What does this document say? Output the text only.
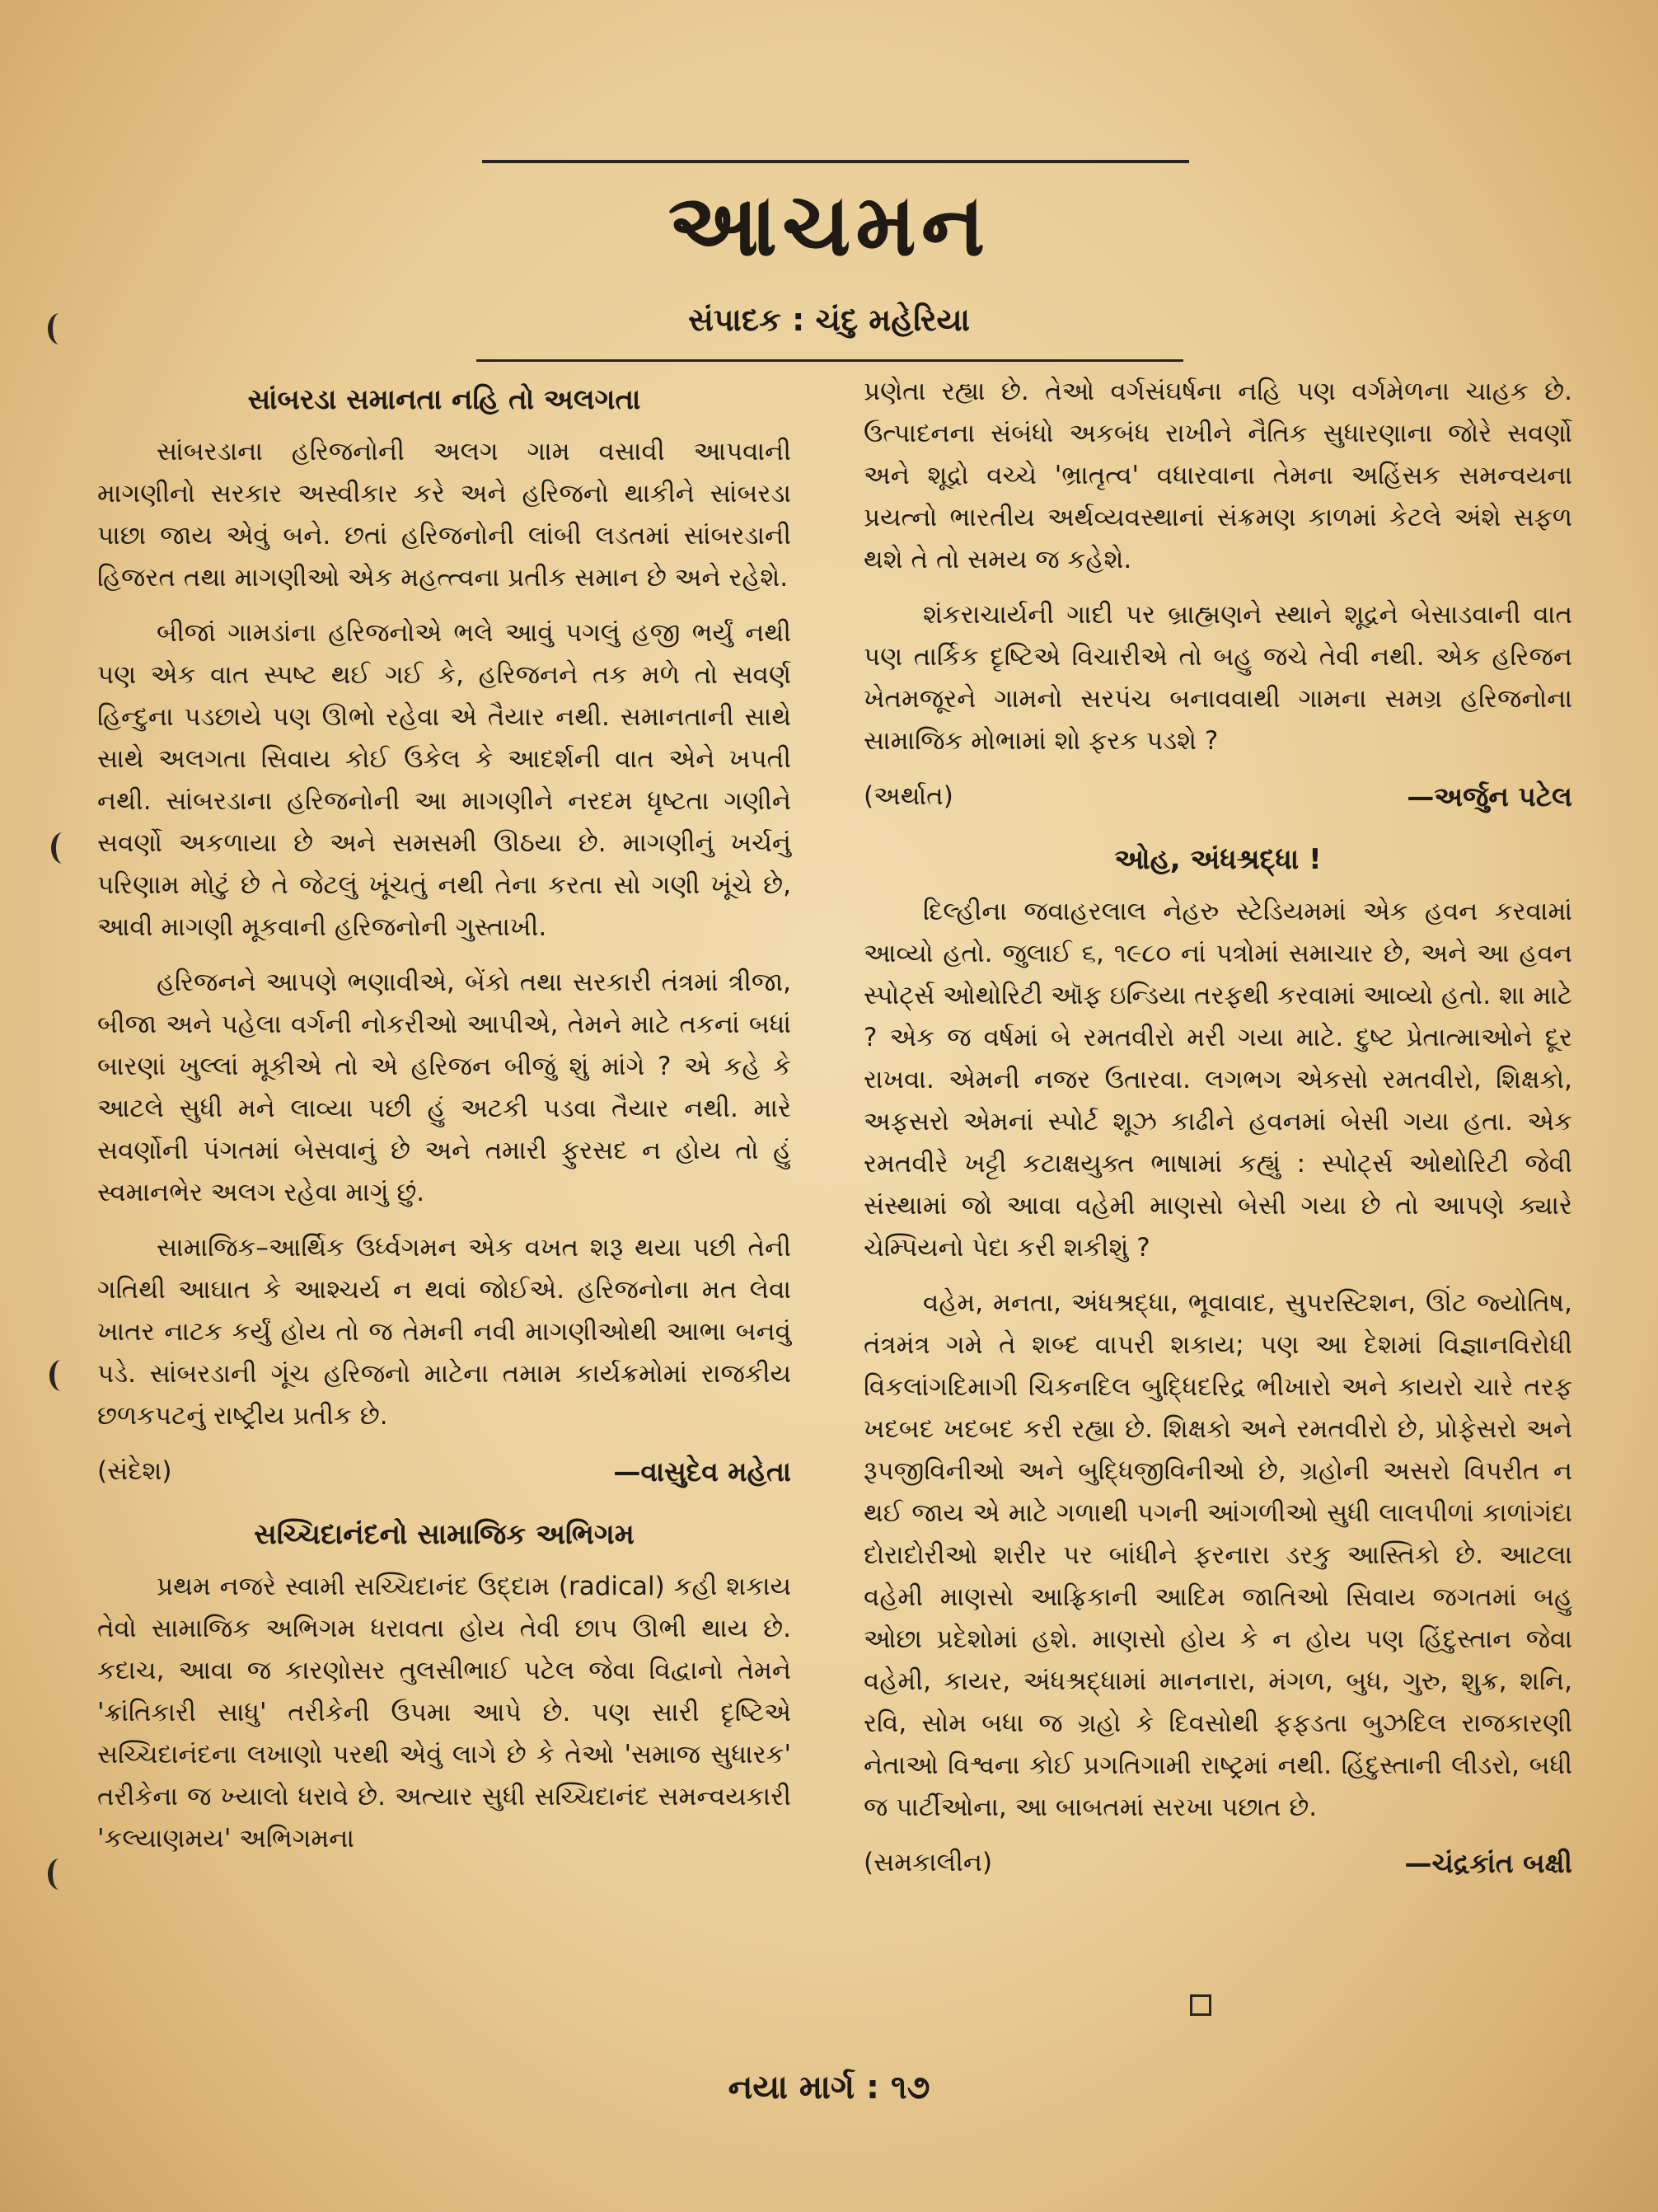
આચમન
સંપાદક : ચંદુ મહેરિયા
સાંબરડા સમાનતા નહિ તો અલગતા

સાંબરડાના હરિજનોની અલગ ગામ વસાવી આપવાની માગણીનો સરકાર અસ્વીકાર કરે અને હરિજનો થાકીને સાંબરડા પાછા જાય એવું બને. છતાં હરિજનોની લાંબી લડતમાં સાંબરડાની હિજરત તથા માગણીઓ એક મહત્ત્વના પ્રતીક સમાન છે અને રહેશે.

બીજાં ગામડાંના હરિજનોએ ભલે આવું પગલું હજી ભર્યું નથી પણ એક વાત સ્પષ્ટ થઈ ગઈ કે, હરિજનને તક મળે તો સવર્ણ હિન્દુના પડછાયે પણ ઊભો રહેવા એ તૈયાર નથી. સમાનતાની સાથે સાથે અલગતા સિવાય કોઈ ઉકેલ કે આદર્શની વાત એને ખપતી નથી. સાંબરડાના હરિજનોની આ માગણીને નરદમ ધૃષ્ટતા ગણીને સવર્ણો અકળાયા છે અને સમસમી ઊઠયા છે. માગણીનું ખર્ચનું પરિણામ મોટું છે તે જેટલું ખૂંચતું નથી તેના કરતા સો ગણી ખૂંચે છે, આવી માગણી મૂકવાની હરિજનોની ગુસ્તાખી.

હરિજનને આપણે ભણાવીએ, બેંકો તથા સરકારી તંત્રમાં ત્રીજા, બીજા અને પહેલા વર્ગની નોકરીઓ આપીએ, તેમને માટે તકનાં બધાં બારણાં ખુલ્લાં મૂકીએ તો એ હરિજન બીજું શું માંગે ? એ કહે કે આટલે સુધી મને લાવ્યા પછી હું અટકી પડવા તૈયાર નથી. મારે સવર્ણોની પંગતમાં બેસવાનું છે અને તમારી ફુરસદ ન હોય તો હું સ્વમાનભેર અલગ રહેવા માગું છું.

સામાજિક–આર્થિક ઉર્ધ્વગમન એક વખત શરૂ થયા પછી તેની ગતિથી આઘાત કે આશ્ચર્ય ન થવાં જોઈએ. હરિજનોના મત લેવા ખાતર નાટક કર્યું હોય તો જ તેમની નવી માગણીઓથી આભા બનવું પડે. સાંબરડાની ગૂંચ હરિજનો માટેના તમામ કાર્યક્રમોમાં રાજકીય છળકપટનું રાષ્ટ્રીય પ્રતીક છે.

(સંદેશ)	—વાસુદેવ મહેતા
સચ્ચિદાનંદનો સામાજિક અભિગમ

પ્રથમ નજરે સ્વામી સચ્ચિદાનંદ ઉદ્દામ (radical) કહી શકાય તેવો સામાજિક અભિગમ ધરાવતા હોય તેવી છાપ ઊભી થાય છે. કદાચ, આવા જ કારણોસર તુલસીભાઈ પટેલ જેવા વિદ્વાનો તેમને 'ક્રાંતિકારી સાધુ' તરીકેની ઉપમા આપે છે. પણ સારી દૃષ્ટિએ સચ્ચિદાનંદના લખાણો પરથી એવું લાગે છે કે તેઓ 'સમાજ સુધારક' તરીકેના જ ખ્યાલો ધરાવે છે. અત્યાર સુધી સચ્ચિદાનંદ સમન્વયકારી 'કલ્યાણમય' અભિગમના

પ્રણેતા રહ્યા છે. તેઓ વર્ગસંઘર્ષના નહિ પણ વર્ગમેળના ચાહક છે. ઉત્પાદનના સંબંધો અકબંધ રાખીને નૈતિક સુધારણાના જોરે સવર્ણો અને શૂદ્રો વચ્ચે 'ભ્રાતૃત્વ' વધારવાના તેમના અહિંસક સમન્વયના પ્રયત્નો ભારતીય અર્થવ્યવસ્થાનાં સંક્રમણ કાળમાં કેટલે અંશે સફળ થશે તે તો સમય જ કહેશે.

શંકરાચાર્યની ગાદી પર બ્રાહ્મણને સ્થાને શૂદ્રને બેસાડવાની વાત પણ તાર્કિક દૃષ્ટિએ વિચારીએ તો બહુ જચે તેવી નથી. એક હરિજન ખેતમજૂરને ગામનો સરપંચ બનાવવાથી ગામના સમગ્ર હરિજનોના સામાજિક મોભામાં શો ફરક પડશે ?

(અર્થાત)	—અર્જુન પટેલ
ઓહ, અંધશ્રદ્ધા !

દિલ્હીના જવાહરલાલ નેહરુ સ્ટેડિયમમાં એક હવન કરવામાં આવ્યો હતો. જુલાઈ ૬, ૧૯૮૦ નાં પત્રોમાં સમાચાર છે, અને આ હવન સ્પોર્ટ્સ ઓથોરિટી ઑફ ઇન્ડિયા તરફથી કરવામાં આવ્યો હતો. શા માટે ? એક જ વર્ષમાં બે રમતવીરો મરી ગયા માટે. દુષ્ટ પ્રેતાત્માઓને દૂર રાખવા. એમની નજર ઉતારવા. લગભગ એકસો રમતવીરો, શિક્ષકો, અફસરો એમનાં સ્પોર્ટ શૂઝ કાઢીને હવનમાં બેસી ગયા હતા. એક રમતવીરે ખટ્ટી કટાક્ષયુક્ત ભાષામાં કહ્યું : સ્પોર્ટ્સ ઓથોરિટી જેવી સંસ્થામાં જો આવા વહેમી માણસો બેસી ગયા છે તો આપણે ક્યારે ચેમ્પિયનો પેદા કરી શકીશું ?

વહેમ, મનતા, અંધશ્રદ્ધા, ભૂવાવાદ, સુપરસ્ટિશન, ઊંટ જ્યોતિષ, તંત્રમંત્ર ગમે તે શબ્દ વાપરી શકાય; પણ આ દેશમાં વિજ્ઞાનવિરોધી વિકલાંગદિમાગી ચિકનદિલ બુદ્ધિદરિદ્ર ભીખારો અને કાયરો ચારે તરફ ખદબદ ખદબદ કરી રહ્યા છે. શિક્ષકો અને રમતવીરો છે, પ્રોફેસરો અને રૂપજીવિનીઓ અને બુદ્ધિજીવિનીઓ છે, ગ્રહોની અસરો વિપરીત ન થઈ જાય એ માટે ગળાથી પગની આંગળીઓ સુધી લાલપીળાં કાળાંગંદા દોરાદોરીઓ શરીર પર બાંધીને ફરનારા ડરકુ આસ્તિકો છે. આટલા વહેમી માણસો આફ્રિકાની આદિમ જાતિઓ સિવાય જગતમાં બહુ ઓછા પ્રદેશોમાં હશે. માણસો હોય કે ન હોય પણ હિંદુસ્તાન જેવા વહેમી, કાયર, અંધશ્રદ્ધામાં માનનારા, મંગળ, બુધ, ગુરુ, શુક્ર, શનિ, રવિ, સોમ બધા જ ગ્રહો કે દિવસોથી ફફડતા બુઝદિલ રાજકારણી નેતાઓ વિશ્વના કોઈ પ્રગતિગામી રાષ્ટ્રમાં નથી. હિંદુસ્તાની લીડરો, બધી જ પાર્ટીઓના, આ બાબતમાં સરખા પછાત છે.

(સમકાલીન)	—ચંદ્રકાંત બક્ષી
નયા માર્ગ : ૧૭
